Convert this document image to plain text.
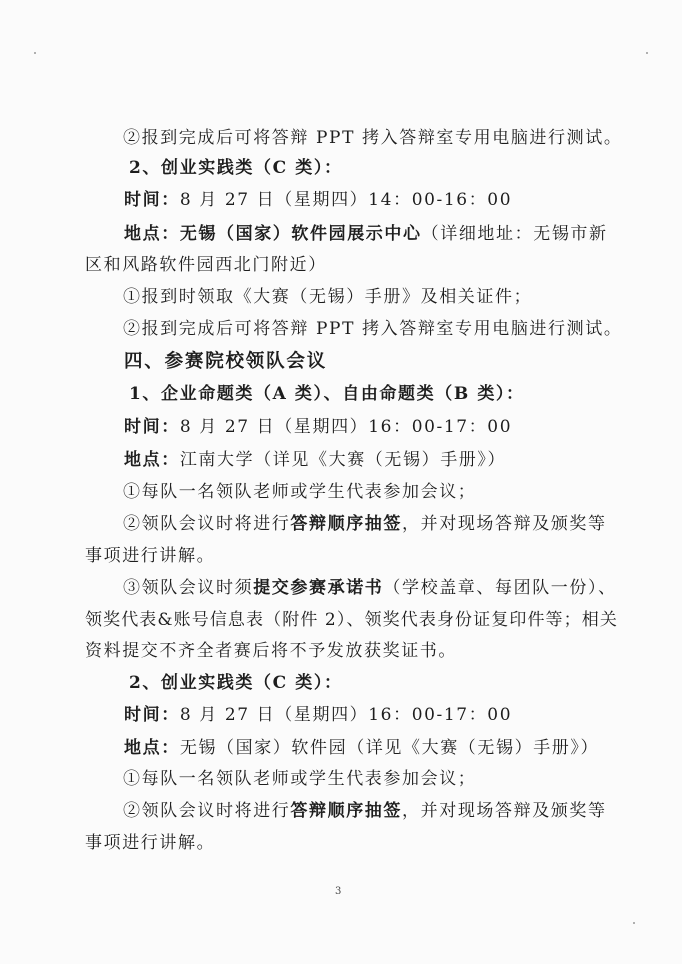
②报到完成后可将答辩 PPT 拷入答辩室专用电脑进行测试。
2、创业实践类（C 类）：
时间：8 月 27 日（星期四）14：00-16：00
地点：无锡（国家）软件园展示中心（详细地址：无锡市新
区和风路软件园西北门附近）
①报到时领取《大赛（无锡）手册》及相关证件；
②报到完成后可将答辩 PPT 拷入答辩室专用电脑进行测试。
四、参赛院校领队会议
1、企业命题类（A 类）、自由命题类（B 类）：
时间：8 月 27 日（星期四）16：00-17：00
地点：江南大学（详见《大赛（无锡）手册》）
①每队一名领队老师或学生代表参加会议；
②领队会议时将进行答辩顺序抽签，并对现场答辩及颁奖等
事项进行讲解。
③领队会议时须提交参赛承诺书（学校盖章、每团队一份）、
领奖代表&账号信息表（附件 2）、领奖代表身份证复印件等；相关
资料提交不齐全者赛后将不予发放获奖证书。
2、创业实践类（C 类）：
时间：8 月 27 日（星期四）16：00-17：00
地点：无锡（国家）软件园（详见《大赛（无锡）手册》）
①每队一名领队老师或学生代表参加会议；
②领队会议时将进行答辩顺序抽签，并对现场答辩及颁奖等
事项进行讲解。
3
